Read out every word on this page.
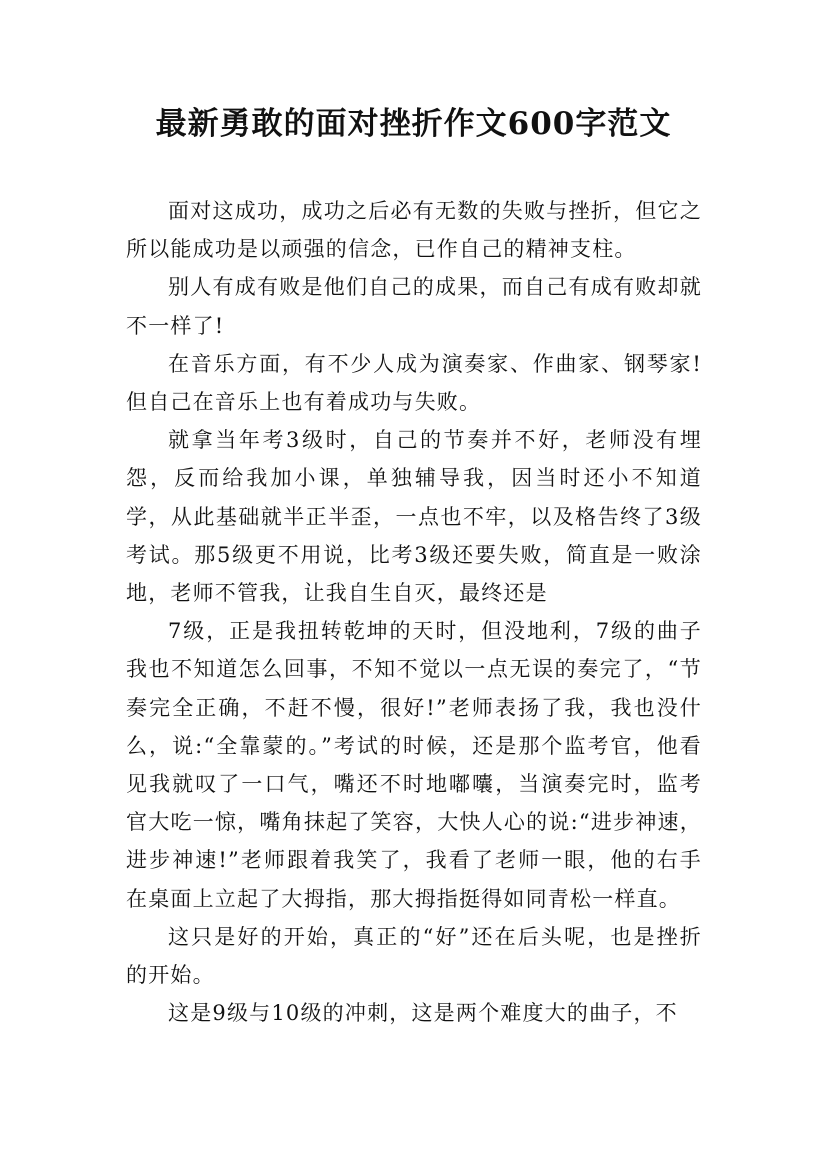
最新勇敢的面对挫折作文600字范文

面对这成功，成功之后必有无数的失败与挫折，但它之所以能成功是以顽强的信念，已作自己的精神支柱。

别人有成有败是他们自己的成果，而自己有成有败却就不一样了!

在音乐方面，有不少人成为演奏家、作曲家、钢琴家!但自己在音乐上也有着成功与失败。

就拿当年考3级时，自己的节奏并不好，老师没有埋怨，反而给我加小课，单独辅导我，因当时还小不知道学，从此基础就半正半歪，一点也不牢，以及格告终了3级考试。那5级更不用说，比考3级还要失败，简直是一败涂地，老师不管我，让我自生自灭，最终还是

7级，正是我扭转乾坤的天时，但没地利，7级的曲子我也不知道怎么回事，不知不觉以一点无误的奏完了，“节奏完全正确，不赶不慢，很好!”老师表扬了我，我也没什么，说:“全靠蒙的。”考试的时候，还是那个监考官，他看见我就叹了一口气，嘴还不时地嘟囔，当演奏完时，监考官大吃一惊，嘴角抹起了笑容，大快人心的说:“进步神速，进步神速!”老师跟着我笑了，我看了老师一眼，他的右手在桌面上立起了大拇指，那大拇指挺得如同青松一样直。

这只是好的开始，真正的“好”还在后头呢，也是挫折的开始。

这是9级与10级的冲刺，这是两个难度大的曲子，不
